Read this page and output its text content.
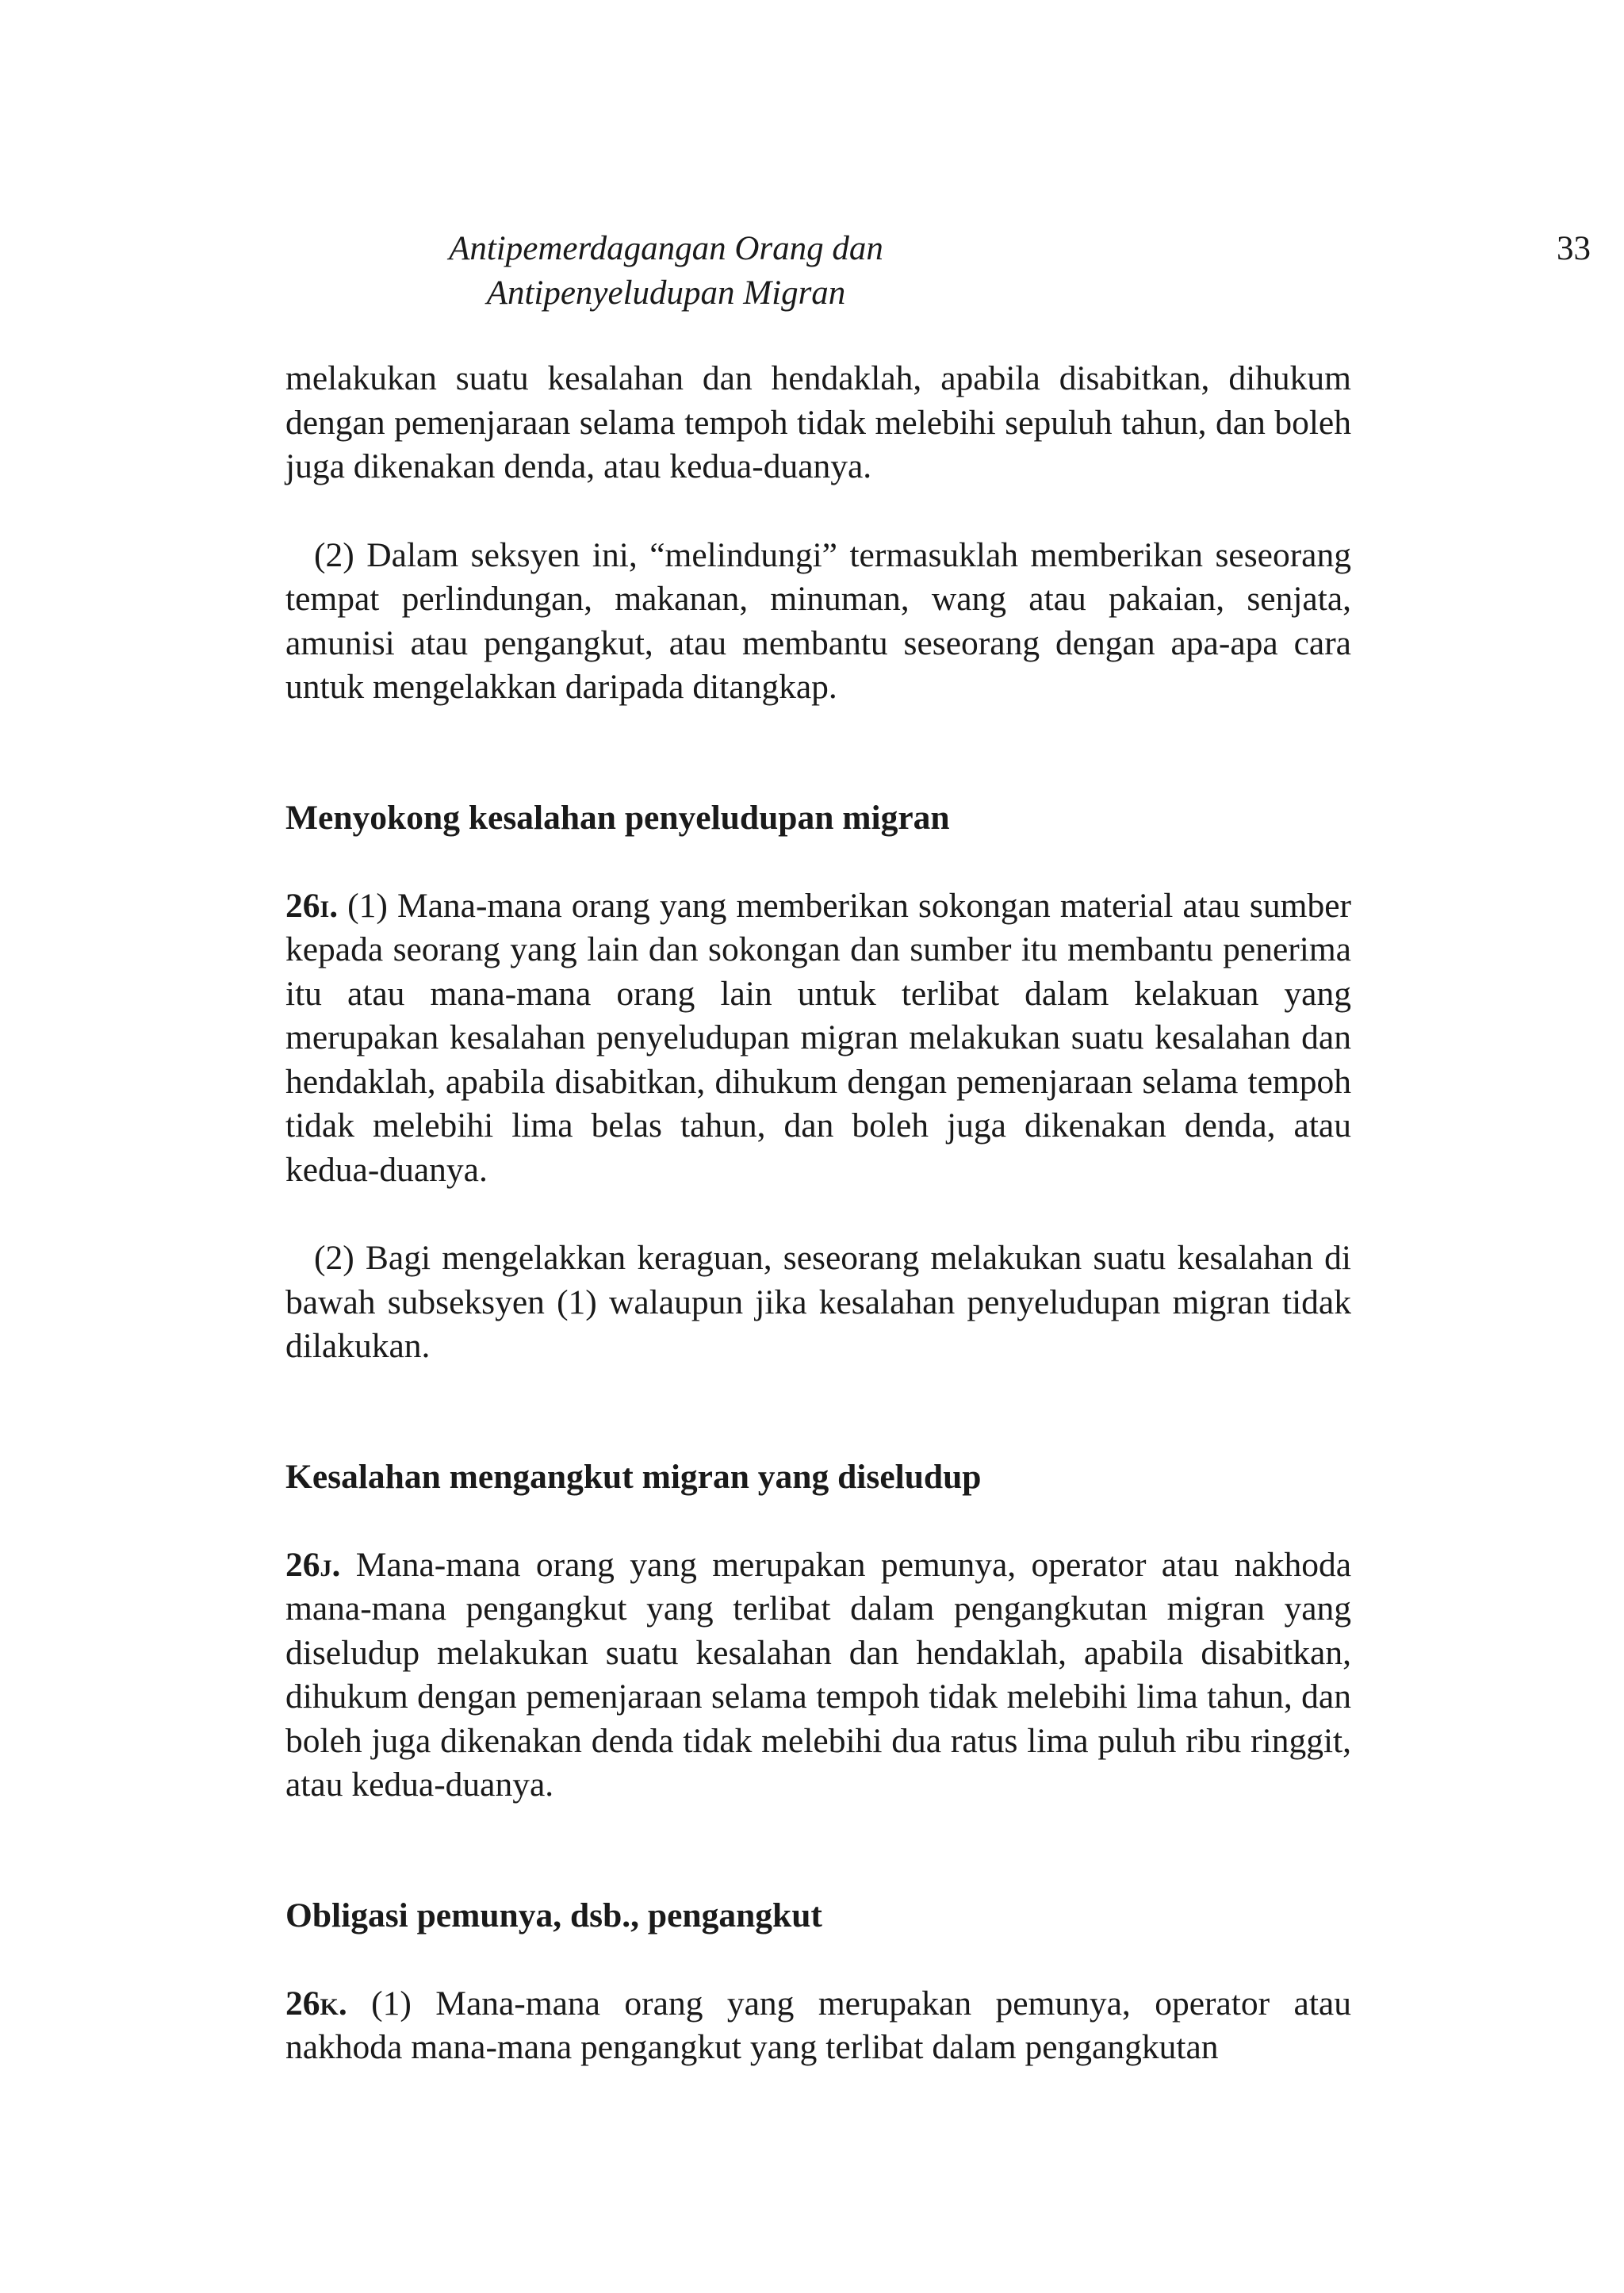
Antipemerdagangan Orang dan
Antipenyeludupan Migran
33

melakukan suatu kesalahan dan hendaklah, apabila disabitkan, dihukum dengan pemenjaraan selama tempoh tidak melebihi sepuluh tahun, dan boleh juga dikenakan denda, atau kedua-duanya.

(2) Dalam seksyen ini, “melindungi” termasuklah memberikan seseorang tempat perlindungan, makanan, minuman, wang atau pakaian, senjata, amunisi atau pengangkut, atau membantu seseorang dengan apa-apa cara untuk mengelakkan daripada ditangkap.

Menyokong kesalahan penyeludupan migran

26i. (1) Mana-mana orang yang memberikan sokongan material atau sumber kepada seorang yang lain dan sokongan dan sumber itu membantu penerima itu atau mana-mana orang lain untuk terlibat dalam kelakuan yang merupakan kesalahan penyeludupan migran melakukan suatu kesalahan dan hendaklah, apabila disabitkan, dihukum dengan pemenjaraan selama tempoh tidak melebihi lima belas tahun, dan boleh juga dikenakan denda, atau kedua-duanya.

(2) Bagi mengelakkan keraguan, seseorang melakukan suatu kesalahan di bawah subseksyen (1) walaupun jika kesalahan penyeludupan migran tidak dilakukan.

Kesalahan mengangkut migran yang diseludup

26j. Mana-mana orang yang merupakan pemunya, operator atau nakhoda mana-mana pengangkut yang terlibat dalam pengangkutan migran yang diseludup melakukan suatu kesalahan dan hendaklah, apabila disabitkan, dihukum dengan pemenjaraan selama tempoh tidak melebihi lima tahun, dan boleh juga dikenakan denda tidak melebihi dua ratus lima puluh ribu ringgit, atau kedua-duanya.

Obligasi pemunya, dsb., pengangkut

26k. (1) Mana-mana orang yang merupakan pemunya, operator atau nakhoda mana-mana pengangkut yang terlibat dalam pengangkutan
